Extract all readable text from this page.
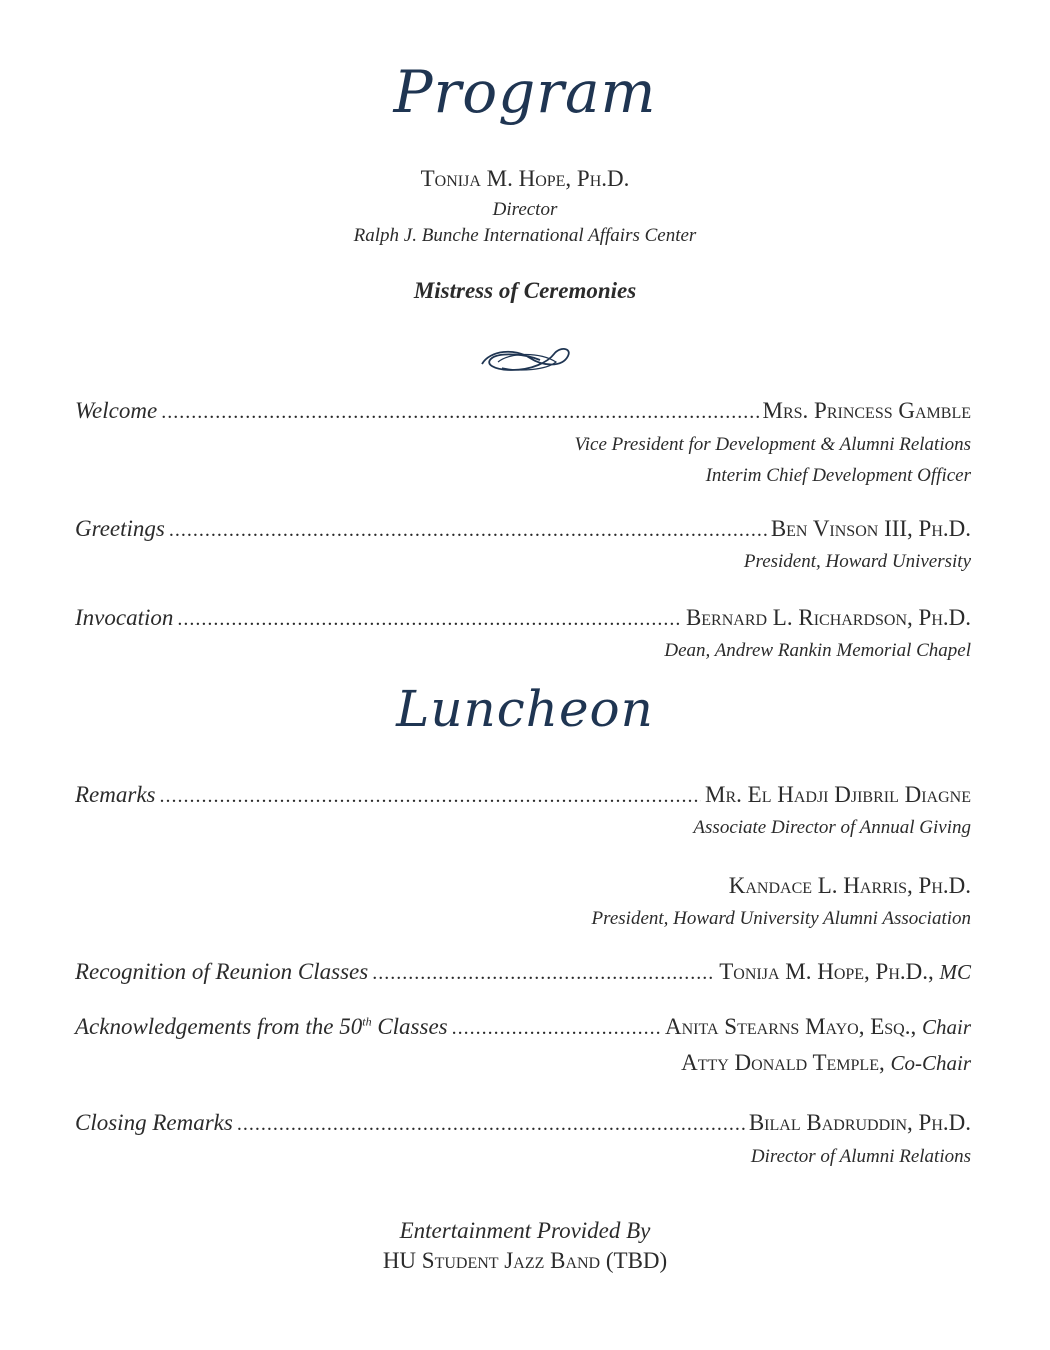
Program
Tonija M. Hope, Ph.D.
Director
Ralph J. Bunche International Affairs Center
Mistress of Ceremonies
Welcome .....	Mrs. Princess Gamble
Vice President for Development & Alumni Relations
Interim Chief Development Officer
Greetings .....	Ben Vinson III, Ph.D.
President, Howard University
Invocation .....	Bernard L. Richardson, Ph.D.
Dean, Andrew Rankin Memorial Chapel
Luncheon
Remarks .....	Mr. El Hadji Djibril Diagne
Associate Director of Annual Giving
Kandace L. Harris, Ph.D.
President, Howard University Alumni Association
Recognition of Reunion Classes .....	Tonija M. Hope, Ph.D.,
MC
Acknowledgements from the 50th Classes .....	Anita Stearns Mayo, Esq.,
Chair
Atty Donald Temple, Co-Chair
Closing Remarks .....	Bilal Badruddin, Ph.D.
Director of Alumni Relations
Entertainment Provided By
HU Student Jazz Band (TBD)
